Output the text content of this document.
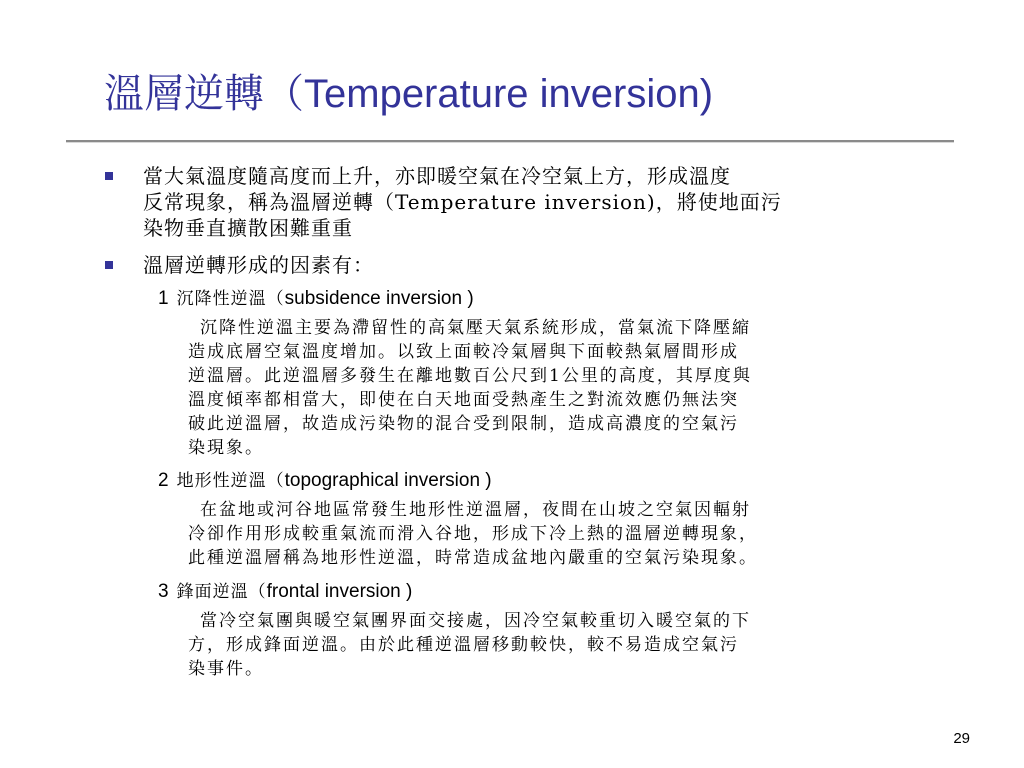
溫層逆轉（Temperature inversion)
當大氣溫度隨高度而上升，亦即暖空氣在冷空氣上方，形成溫度
反常現象，稱為溫層逆轉（Temperature inversion)，將使地面污
染物垂直擴散困難重重
溫層逆轉形成的因素有：
1 沉降性逆溫（subsidence inversion )
沉降性逆溫主要為滯留性的高氣壓天氣系統形成，當氣流下降壓縮
造成底層空氣溫度增加。以致上面較冷氣層與下面較熱氣層間形成
逆溫層。此逆溫層多發生在離地數百公尺到1公里的高度，其厚度與
溫度傾率都相當大，即使在白天地面受熱產生之對流效應仍無法突
破此逆溫層，故造成污染物的混合受到限制，造成高濃度的空氣污
染現象。
2 地形性逆溫（topographical inversion )
在盆地或河谷地區常發生地形性逆溫層，夜間在山坡之空氣因輻射
冷卻作用形成較重氣流而滑入谷地，形成下冷上熱的溫層逆轉現象，
此種逆溫層稱為地形性逆溫，時常造成盆地內嚴重的空氣污染現象。
3 鋒面逆溫（frontal inversion )
當冷空氣團與暖空氣團界面交接處，因冷空氣較重切入暖空氣的下
方，形成鋒面逆溫。由於此種逆溫層移動較快，較不易造成空氣污
染事件。
29
